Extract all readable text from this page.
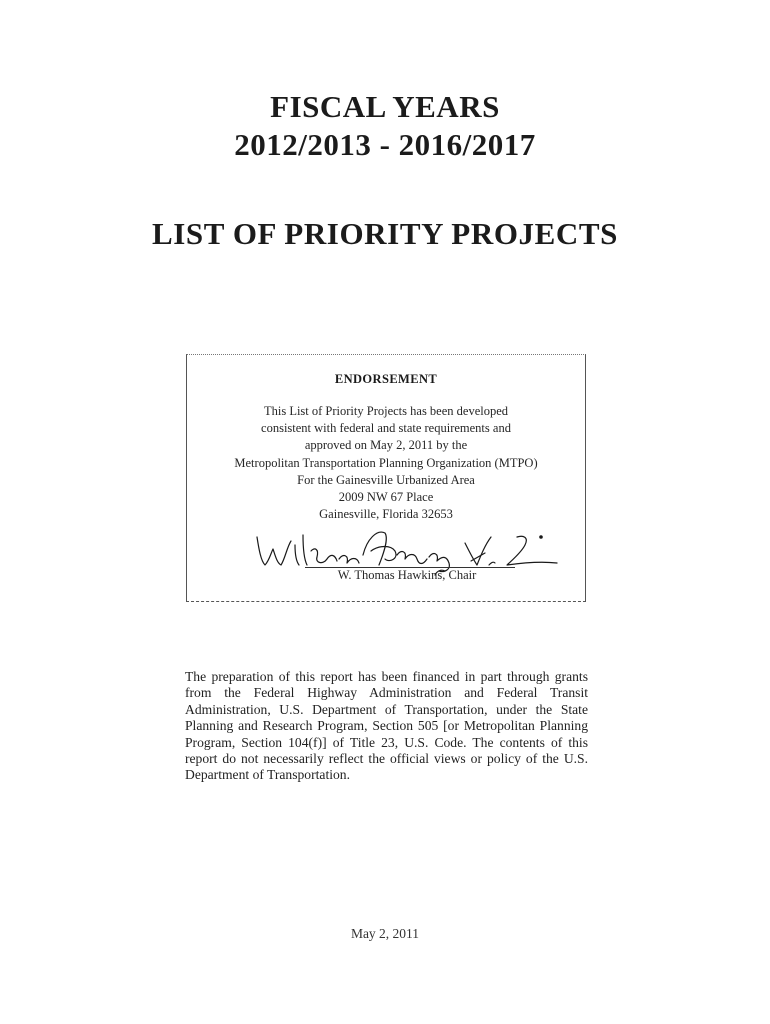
FISCAL YEARS
2012/2013 - 2016/2017
LIST OF PRIORITY PROJECTS
ENDORSEMENT
This List of Priority Projects has been developed
consistent with federal and state requirements and
approved on May 2, 2011 by the
Metropolitan Transportation Planning Organization (MTPO)
For the Gainesville Urbanized Area
2009 NW 67 Place
Gainesville, Florida 32653
W. Thomas Hawkins, Chair
The preparation of this report has been financed in part through grants from the Federal Highway Administration and Federal Transit Administration, U.S. Department of Transportation, under the State Planning and Research Program, Section 505 [or Metropolitan Planning Program, Section 104(f)] of Title 23, U.S. Code. The contents of this report do not necessarily reflect the official views or policy of the U.S. Department of Transportation.
May 2, 2011
